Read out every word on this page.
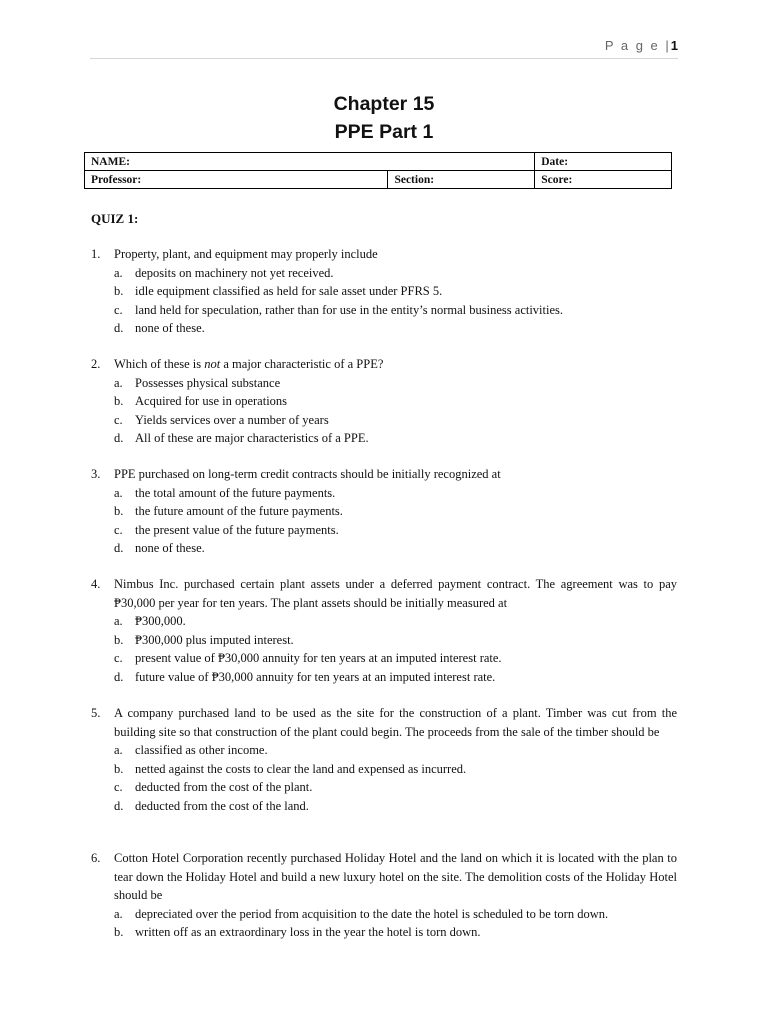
P a g e |1
Chapter 15
PPE Part 1
NAME:		Date:
Professor:	Section:	Score:
QUIZ 1:
1.	Property, plant, and equipment may properly include
a. deposits on machinery not yet received.
b. idle equipment classified as held for sale asset under PFRS 5.
c. land held for speculation, rather than for use in the entity’s normal business activities.
d. none of these.
2.	Which of these is not a major characteristic of a PPE?
a. Possesses physical substance
b. Acquired for use in operations
c. Yields services over a number of years
d. All of these are major characteristics of a PPE.
3.	PPE purchased on long-term credit contracts should be initially recognized at
a. the total amount of the future payments.
b. the future amount of the future payments.
c. the present value of the future payments.
d. none of these.
4.	Nimbus Inc. purchased certain plant assets under a deferred payment contract. The agreement was to pay ₱30,000 per year for ten years. The plant assets should be initially measured at
a. ₱300,000.
b. ₱300,000 plus imputed interest.
c. present value of ₱30,000 annuity for ten years at an imputed interest rate.
d. future value of ₱30,000 annuity for ten years at an imputed interest rate.
5.	A company purchased land to be used as the site for the construction of a plant. Timber was cut from the building site so that construction of the plant could begin. The proceeds from the sale of the timber should be
a. classified as other income.
b. netted against the costs to clear the land and expensed as incurred.
c. deducted from the cost of the plant.
d. deducted from the cost of the land.
6.	Cotton Hotel Corporation recently purchased Holiday Hotel and the land on which it is located with the plan to tear down the Holiday Hotel and build a new luxury hotel on the site. The demolition costs of the Holiday Hotel should be
a. depreciated over the period from acquisition to the date the hotel is scheduled to be torn down.
b. written off as an extraordinary loss in the year the hotel is torn down.
